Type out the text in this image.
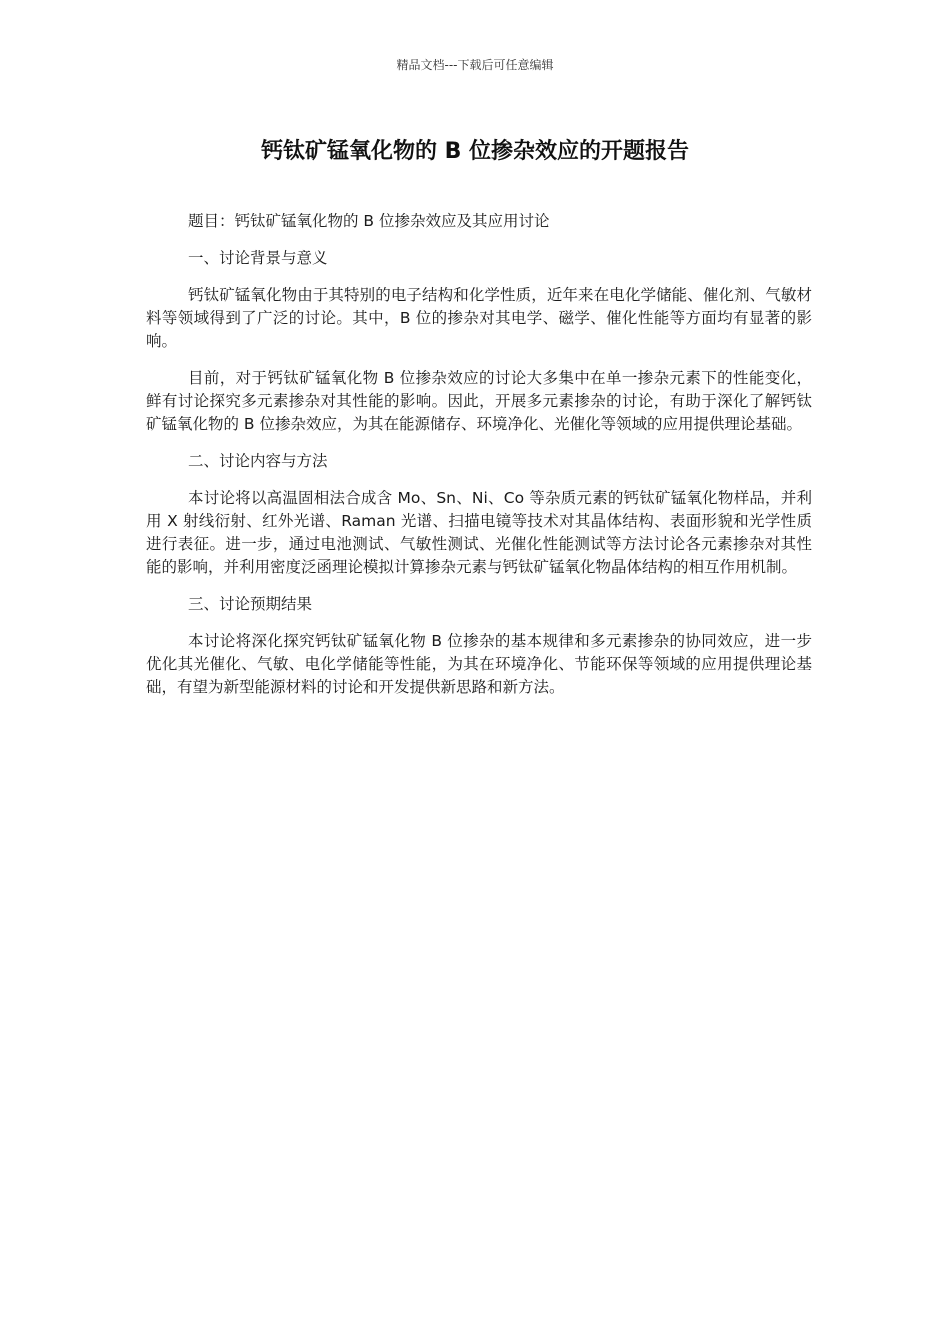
精品文档---下载后可任意编辑
钙钛矿锰氧化物的 B 位掺杂效应的开题报告

题目：钙钛矿锰氧化物的 B 位掺杂效应及其应用讨论

一、讨论背景与意义

钙钛矿锰氧化物由于其特别的电子结构和化学性质，近年来在电化学储能、催化剂、气敏材料等领域得到了广泛的讨论。其中，B 位的掺杂对其电学、磁学、催化性能等方面均有显著的影响。

目前，对于钙钛矿锰氧化物 B 位掺杂效应的讨论大多集中在单一掺杂元素下的性能变化，鲜有讨论探究多元素掺杂对其性能的影响。因此，开展多元素掺杂的讨论，有助于深化了解钙钛矿锰氧化物的 B 位掺杂效应，为其在能源储存、环境净化、光催化等领域的应用提供理论基础。

二、讨论内容与方法

本讨论将以高温固相法合成含 Mo、Sn、Ni、Co 等杂质元素的钙钛矿锰氧化物样品，并利用 X 射线衍射、红外光谱、Raman 光谱、扫描电镜等技术对其晶体结构、表面形貌和光学性质进行表征。进一步，通过电池测试、气敏性测试、光催化性能测试等方法讨论各元素掺杂对其性能的影响，并利用密度泛函理论模拟计算掺杂元素与钙钛矿锰氧化物晶体结构的相互作用机制。

三、讨论预期结果

本讨论将深化探究钙钛矿锰氧化物 B 位掺杂的基本规律和多元素掺杂的协同效应，进一步优化其光催化、气敏、电化学储能等性能，为其在环境净化、节能环保等领域的应用提供理论基础，有望为新型能源材料的讨论和开发提供新思路和新方法。
